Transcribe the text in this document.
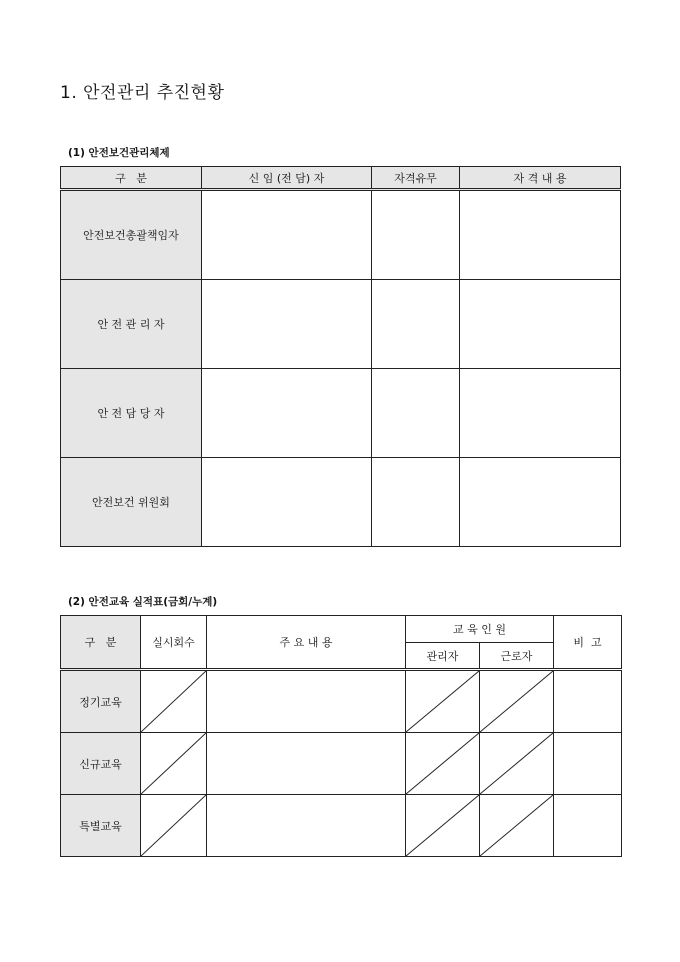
1. 안전관리 추진현황
(1) 안전보건관리체제
구   분	신 임 (전 담) 자	자격유무	자 격 내 용
안전보건총괄책임자			
안 전 관 리 자			
안 전 담 당 자			
안전보건 위원회			
(2) 안전교육 실적표(금회/누계)
구   분	실시회수	주 요 내 용	교 육 인 원		비  고
			관리자	근로자	
정기교육	

신규교육	

특별교육	
